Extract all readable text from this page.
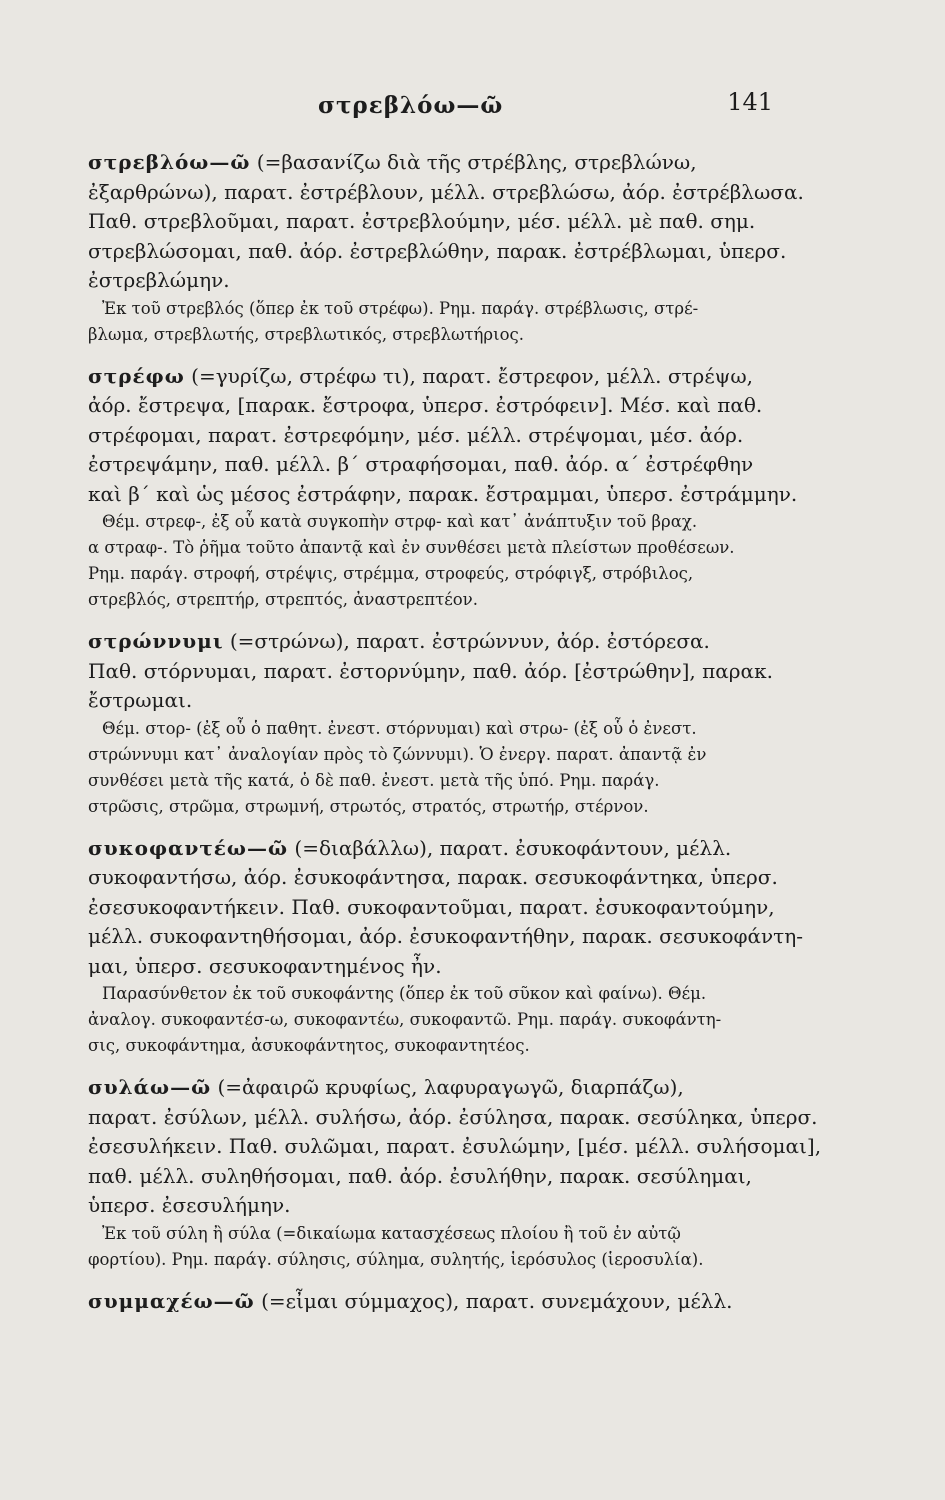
στρεβλόω—ῶ	141
στρεβλόω—ῶ (=βασανίζω διὰ τῆς στρέβλης, στρεβλώνω,
ἐξαρθρώνω), παρατ. ἐστρέβλουν, μέλλ. στρεβλώσω, ἀόρ. ἐστρέβλωσα.
Παθ. στρεβλοῦμαι, παρατ. ἐστρεβλούμην, μέσ. μέλλ. μὲ παθ. σημ.
στρεβλώσομαι, παθ. ἀόρ. ἐστρεβλώθην, παρακ. ἐστρέβλωμαι, ὑπερσ.
ἐστρεβλώμην.
Ἐκ τοῦ στρεβλός (ὅπερ ἐκ τοῦ στρέφω). Ρημ. παράγ. στρέβλωσις, στρέ-
βλωμα, στρεβλωτής, στρεβλωτικός, στρεβλωτήριος.
στρέφω (=γυρίζω, στρέφω τι), παρατ. ἔστρεφον, μέλλ. στρέψω,
ἀόρ. ἔστρεψα, [παρακ. ἔστροφα, ὑπερσ. ἐστρόφειν]. Μέσ. καὶ παθ.
στρέφομαι, παρατ. ἐστρεφόμην, μέσ. μέλλ. στρέψομαι, μέσ. ἀόρ.
ἐστρεψάμην, παθ. μέλλ. β΄ στραφήσομαι, παθ. ἀόρ. α΄ ἐστρέφθην
καὶ β΄ καὶ ὡς μέσος ἐστράφην, παρακ. ἔστραμμαι, ὑπερσ. ἐστράμμην.
Θέμ. στρεφ-, ἐξ οὗ κατὰ συγκοπὴν στρφ- καὶ κατ᾽ ἀνάπτυξιν τοῦ βραχ.
α στραφ-. Τὸ ῥῆμα τοῦτο ἀπαντᾷ καὶ ἐν συνθέσει μετὰ πλείστων προθέσεων.
Ρημ. παράγ. στροφή, στρέψις, στρέμμα, στροφεύς, στρόφιγξ, στρόβιλος,
στρεβλός, στρεπτήρ, στρεπτός, ἀναστρεπτέον.
στρώννυμι (=στρώνω), παρατ. ἐστρώννυν, ἀόρ. ἐστόρεσα.
Παθ. στόρνυμαι, παρατ. ἐστορνύμην, παθ. ἀόρ. [ἐστρώθην], παρακ.
ἔστρωμαι.
Θέμ. στορ- (ἐξ οὗ ὁ παθητ. ἐνεστ. στόρνυμαι) καὶ στρω- (ἐξ οὗ ὁ ἐνεστ.
στρώννυμι κατ᾽ ἀναλογίαν πρὸς τὸ ζώννυμι). Ὁ ἐνεργ. παρατ. ἀπαντᾷ ἐν
συνθέσει μετὰ τῆς κατά, ὁ δὲ παθ. ἐνεστ. μετὰ τῆς ὑπό. Ρημ. παράγ.
στρῶσις, στρῶμα, στρωμνή, στρωτός, στρατός, στρωτήρ, στέρνον.
συκοφαντέω—ῶ (=διαβάλλω), παρατ. ἐσυκοφάντουν, μέλλ.
συκοφαντήσω, ἀόρ. ἐσυκοφάντησα, παρακ. σεσυκοφάντηκα, ὑπερσ.
ἐσεσυκοφαντήκειν. Παθ. συκοφαντοῦμαι, παρατ. ἐσυκοφαντούμην,
μέλλ. συκοφαντηθήσομαι, ἀόρ. ἐσυκοφαντήθην, παρακ. σεσυκοφάντη-
μαι, ὑπερσ. σεσυκοφαντημένος ἦν.
Παρασύνθετον ἐκ τοῦ συκοφάντης (ὅπερ ἐκ τοῦ σῦκον καὶ φαίνω). Θέμ.
ἀναλογ. συκοφαντέσ-ω, συκοφαντέω, συκοφαντῶ. Ρημ. παράγ. συκοφάντη-
σις, συκοφάντημα, ἀσυκοφάντητος, συκοφαντητέος.
συλάω—ῶ (=ἀφαιρῶ κρυφίως, λαφυραγωγῶ, διαρπάζω),
παρατ. ἐσύλων, μέλλ. συλήσω, ἀόρ. ἐσύλησα, παρακ. σεσύληκα, ὑπερσ.
ἐσεσυλήκειν. Παθ. συλῶμαι, παρατ. ἐσυλώμην, [μέσ. μέλλ. συλήσομαι],
παθ. μέλλ. συληθήσομαι, παθ. ἀόρ. ἐσυλήθην, παρακ. σεσύλημαι,
ὑπερσ. ἐσεσυλήμην.
Ἐκ τοῦ σύλη ἢ σύλα (=δικαίωμα κατασχέσεως πλοίου ἢ τοῦ ἐν αὐτῷ
φορτίου). Ρημ. παράγ. σύλησις, σύλημα, συλητής, ἱερόσυλος (ἱεροσυλία).
συμμαχέω—ῶ (=εἶμαι σύμμαχος), παρατ. συνεμάχουν, μέλλ.
